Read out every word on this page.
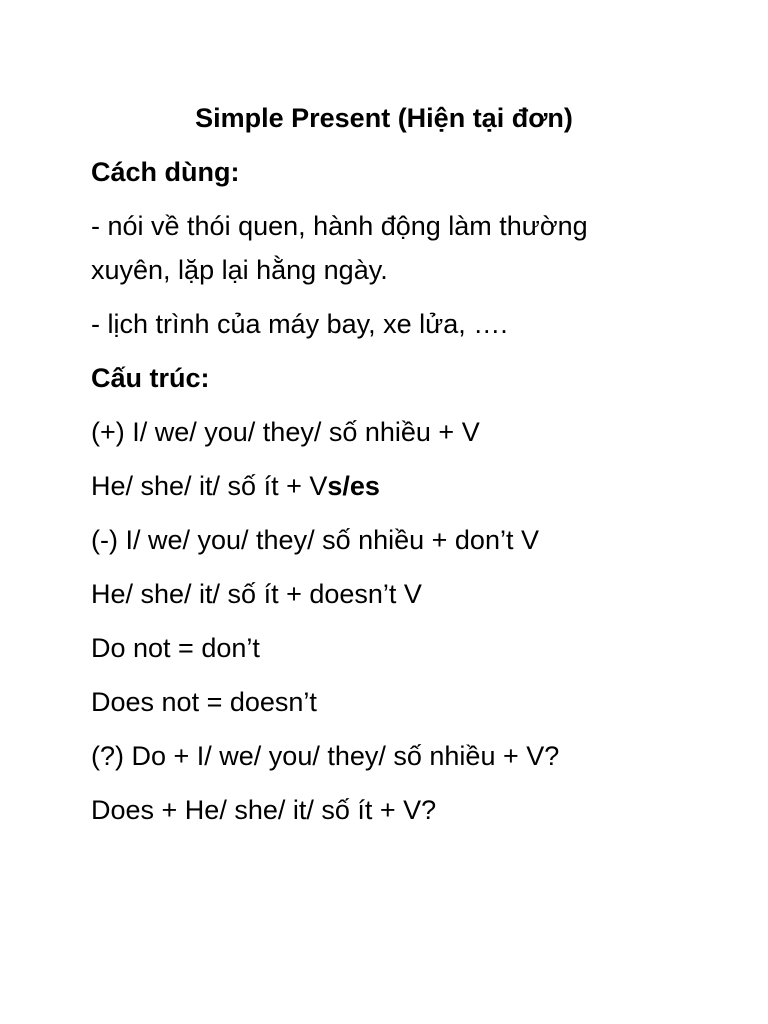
Simple Present (Hiện tại đơn)
Cách dùng:
- nói về thói quen, hành động làm thường xuyên, lặp lại hằng ngày.
- lịch trình của máy bay, xe lửa, ….
Cấu trúc:
(+) I/ we/ you/ they/ số nhiều + V
He/ she/ it/ số ít + Vs/es
(-) I/ we/ you/ they/ số nhiều + don’t V
He/ she/ it/ số ít + doesn’t V
Do not = don’t
Does not = doesn’t
(?) Do + I/ we/ you/ they/ số nhiều + V?
Does + He/ she/ it/ số ít + V?
